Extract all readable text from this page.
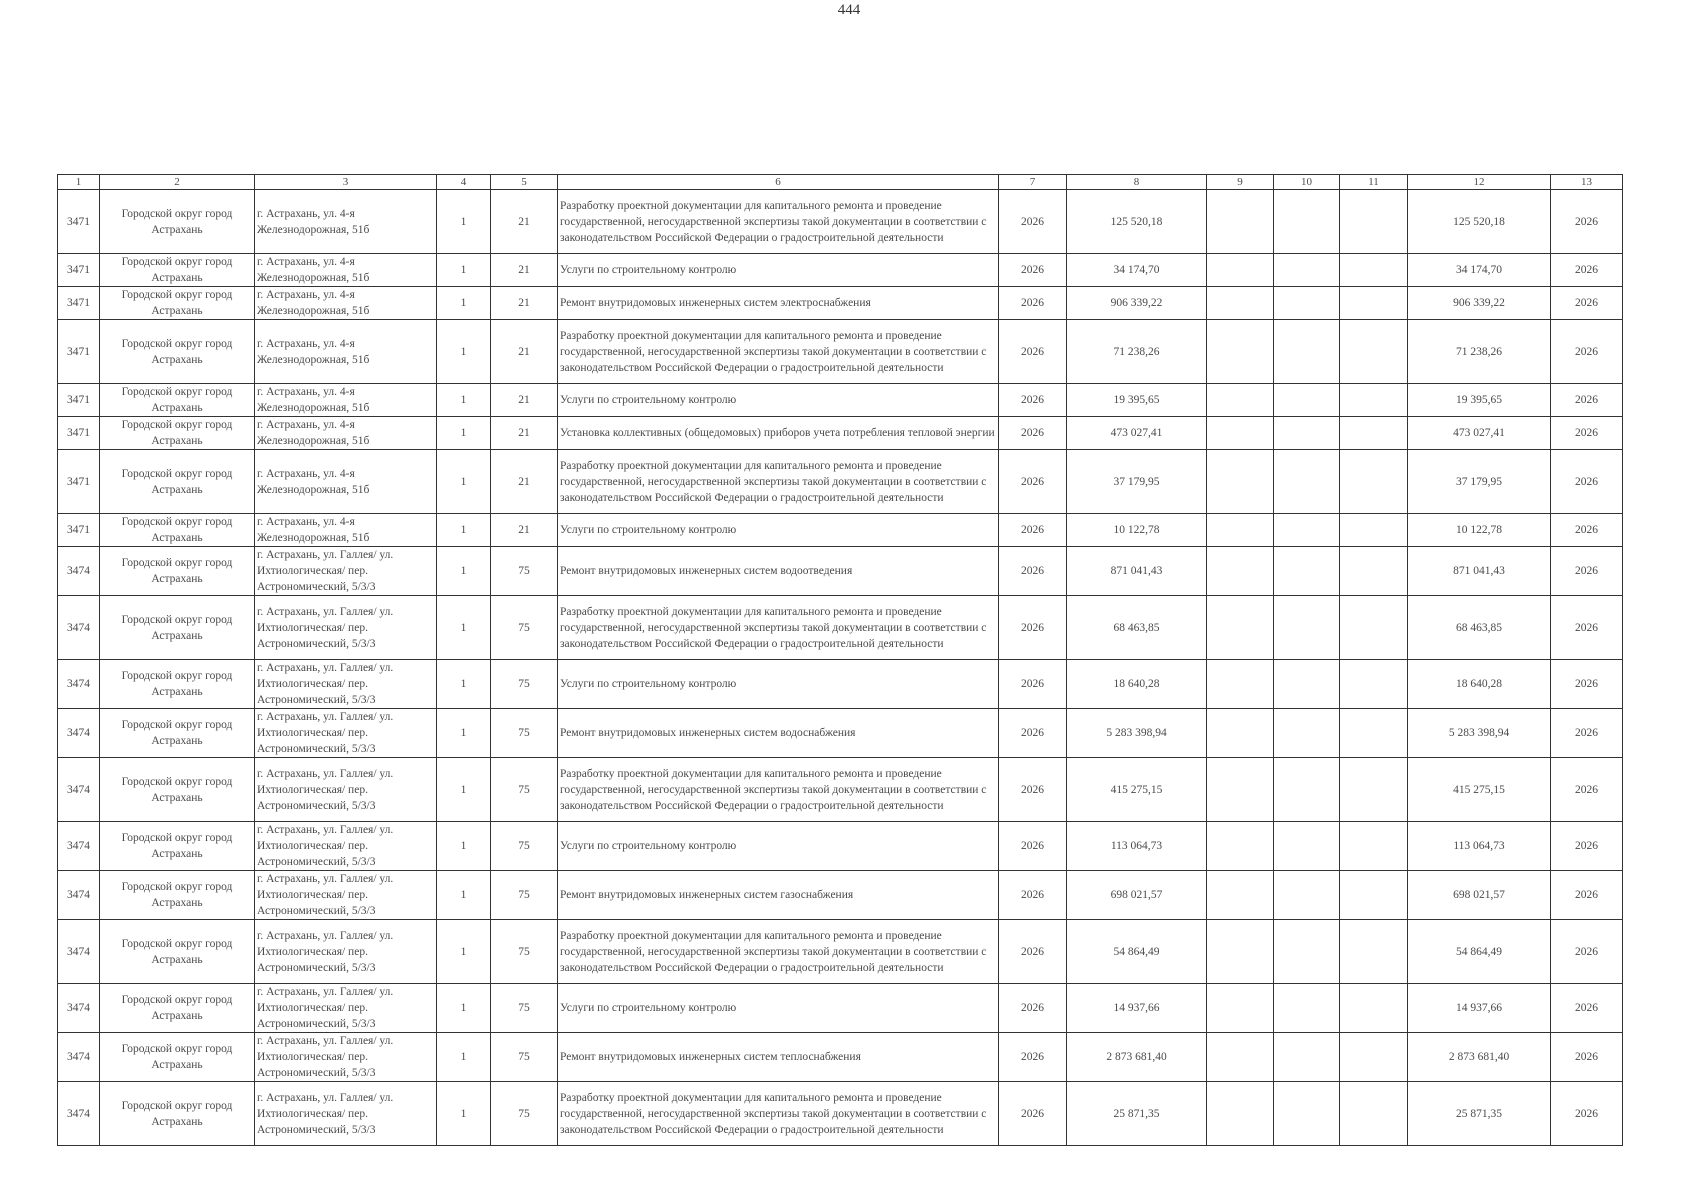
444
1	2	3	4	5	6	7	8	9	10	11	12	13
3471	Городской округ город Астрахань	г. Астрахань, ул. 4-я Железнодорожная, 51б	1	21	Разработку проектной документации для капитального ремонта и проведение государственной, негосударственной экспертизы такой документации в соответствии с законодательством Российской Федерации о градостроительной деятельности	2026	125 520,18				125 520,18	2026
3471	Городской округ город Астрахань	г. Астрахань, ул. 4-я Железнодорожная, 51б	1	21	Услуги по строительному контролю	2026	34 174,70				34 174,70	2026
3471	Городской округ город Астрахань	г. Астрахань, ул. 4-я Железнодорожная, 51б	1	21	Ремонт внутридомовых инженерных систем электроснабжения	2026	906 339,22				906 339,22	2026
3471	Городской округ город Астрахань	г. Астрахань, ул. 4-я Железнодорожная, 51б	1	21	Разработку проектной документации для капитального ремонта и проведение государственной, негосударственной экспертизы такой документации в соответствии с законодательством Российской Федерации о градостроительной деятельности	2026	71 238,26				71 238,26	2026
3471	Городской округ город Астрахань	г. Астрахань, ул. 4-я Железнодорожная, 51б	1	21	Услуги по строительному контролю	2026	19 395,65				19 395,65	2026
3471	Городской округ город Астрахань	г. Астрахань, ул. 4-я Железнодорожная, 51б	1	21	Установка коллективных (общедомовых) приборов учета потребления тепловой энергии	2026	473 027,41				473 027,41	2026
3471	Городской округ город Астрахань	г. Астрахань, ул. 4-я Железнодорожная, 51б	1	21	Разработку проектной документации для капитального ремонта и проведение государственной, негосударственной экспертизы такой документации в соответствии с законодательством Российской Федерации о градостроительной деятельности	2026	37 179,95				37 179,95	2026
3471	Городской округ город Астрахань	г. Астрахань, ул. 4-я Железнодорожная, 51б	1	21	Услуги по строительному контролю	2026	10 122,78				10 122,78	2026
3474	Городской округ город Астрахань	г. Астрахань, ул. Галлея/ ул. Ихтиологическая/ пер. Астрономический, 5/3/3	1	75	Ремонт внутридомовых инженерных систем водоотведения	2026	871 041,43				871 041,43	2026
3474	Городской округ город Астрахань	г. Астрахань, ул. Галлея/ ул. Ихтиологическая/ пер. Астрономический, 5/3/3	1	75	Разработку проектной документации для капитального ремонта и проведение государственной, негосударственной экспертизы такой документации в соответствии с законодательством Российской Федерации о градостроительной деятельности	2026	68 463,85				68 463,85	2026
3474	Городской округ город Астрахань	г. Астрахань, ул. Галлея/ ул. Ихтиологическая/ пер. Астрономический, 5/3/3	1	75	Услуги по строительному контролю	2026	18 640,28				18 640,28	2026
3474	Городской округ город Астрахань	г. Астрахань, ул. Галлея/ ул. Ихтиологическая/ пер. Астрономический, 5/3/3	1	75	Ремонт внутридомовых инженерных систем водоснабжения	2026	5 283 398,94				5 283 398,94	2026
3474	Городской округ город Астрахань	г. Астрахань, ул. Галлея/ ул. Ихтиологическая/ пер. Астрономический, 5/3/3	1	75	Разработку проектной документации для капитального ремонта и проведение государственной, негосударственной экспертизы такой документации в соответствии с законодательством Российской Федерации о градостроительной деятельности	2026	415 275,15				415 275,15	2026
3474	Городской округ город Астрахань	г. Астрахань, ул. Галлея/ ул. Ихтиологическая/ пер. Астрономический, 5/3/3	1	75	Услуги по строительному контролю	2026	113 064,73				113 064,73	2026
3474	Городской округ город Астрахань	г. Астрахань, ул. Галлея/ ул. Ихтиологическая/ пер. Астрономический, 5/3/3	1	75	Ремонт внутридомовых инженерных систем газоснабжения	2026	698 021,57				698 021,57	2026
3474	Городской округ город Астрахань	г. Астрахань, ул. Галлея/ ул. Ихтиологическая/ пер. Астрономический, 5/3/3	1	75	Разработку проектной документации для капитального ремонта и проведение государственной, негосударственной экспертизы такой документации в соответствии с законодательством Российской Федерации о градостроительной деятельности	2026	54 864,49				54 864,49	2026
3474	Городской округ город Астрахань	г. Астрахань, ул. Галлея/ ул. Ихтиологическая/ пер. Астрономический, 5/3/3	1	75	Услуги по строительному контролю	2026	14 937,66				14 937,66	2026
3474	Городской округ город Астрахань	г. Астрахань, ул. Галлея/ ул. Ихтиологическая/ пер. Астрономический, 5/3/3	1	75	Ремонт внутридомовых инженерных систем теплоснабжения	2026	2 873 681,40				2 873 681,40	2026
3474	Городской округ город Астрахань	г. Астрахань, ул. Галлея/ ул. Ихтиологическая/ пер. Астрономический, 5/3/3	1	75	Разработку проектной документации для капитального ремонта и проведение государственной, негосударственной экспертизы такой документации в соответствии с законодательством Российской Федерации о градостроительной деятельности	2026	25 871,35				25 871,35	2026
